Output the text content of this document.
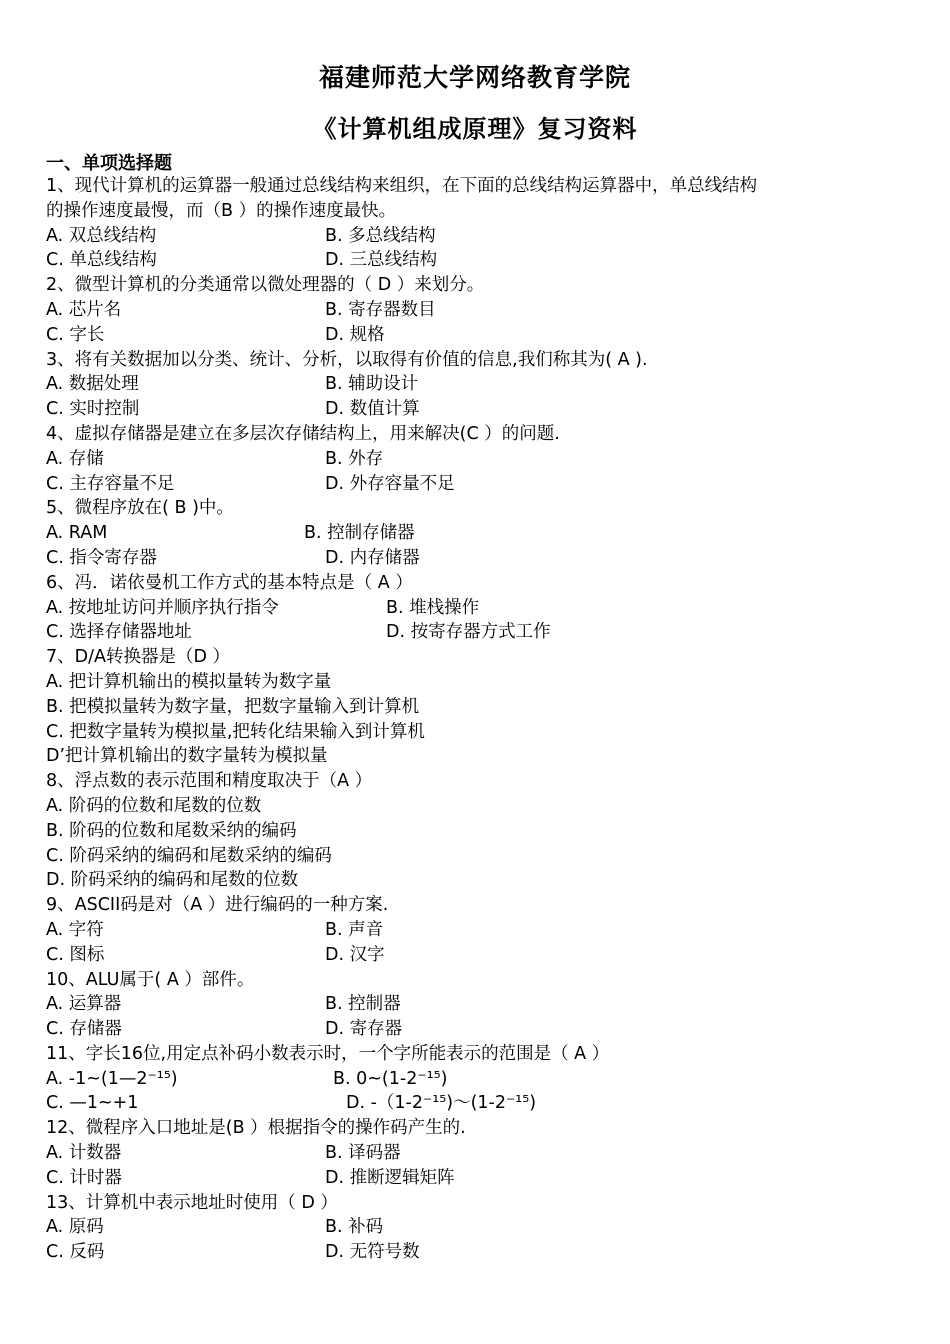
福建师范大学网络教育学院
《计算机组成原理》复习资料
一、单项选择题
1、现代计算机的运算器一般通过总线结构来组织，在下面的总线结构运算器中，单总线结构
的操作速度最慢，而（B ）的操作速度最快。
A. 双总线结构	B. 多总线结构
C. 单总线结构	D. 三总线结构
2、微型计算机的分类通常以微处理器的（ D ）来划分。
A. 芯片名	B. 寄存器数目
C. 字长	D. 规格
3、将有关数据加以分类、统计、分析，以取得有价值的信息,我们称其为( A ).
A. 数据处理	B. 辅助设计
C. 实时控制	D. 数值计算
4、虚拟存储器是建立在多层次存储结构上，用来解决(C ）的问题.
A. 存储	B. 外存
C. 主存容量不足	D. 外存容量不足
5、微程序放在( B )中。
A. RAM	B. 控制存储器
C. 指令寄存器	D. 内存储器
6、冯．诺依曼机工作方式的基本特点是（ A ）
A. 按地址访问并顺序执行指令	B. 堆栈操作
C. 选择存储器地址	D. 按寄存器方式工作
7、D/A转换器是（D ）
A. 把计算机输出的模拟量转为数字量
B. 把模拟量转为数字量，把数字量输入到计算机
C. 把数字量转为模拟量,把转化结果输入到计算机
D’把计算机输出的数字量转为模拟量
8、浮点数的表示范围和精度取决于（A ）
A. 阶码的位数和尾数的位数
B. 阶码的位数和尾数采纳的编码
C. 阶码采纳的编码和尾数采纳的编码
D. 阶码采纳的编码和尾数的位数
9、ASCII码是对（A ）进行编码的一种方案.
A. 字符	B. 声音
C. 图标	D. 汉字
10、ALU属于( A ）部件。
A. 运算器	B. 控制器
C. 存储器	D. 寄存器
11、字长16位,用定点补码小数表示时，一个字所能表示的范围是（ A ）
A. -1~(1—2⁻¹⁵)	B. 0~(1-2⁻¹⁵)
C. —1~+1	D. -（1-2⁻¹⁵)～(1-2⁻¹⁵)
12、微程序入口地址是(B ）根据指令的操作码产生的.
A. 计数器	B. 译码器
C. 计时器	D. 推断逻辑矩阵
13、计算机中表示地址时使用（ D ）
A. 原码	B. 补码
C. 反码	D. 无符号数
